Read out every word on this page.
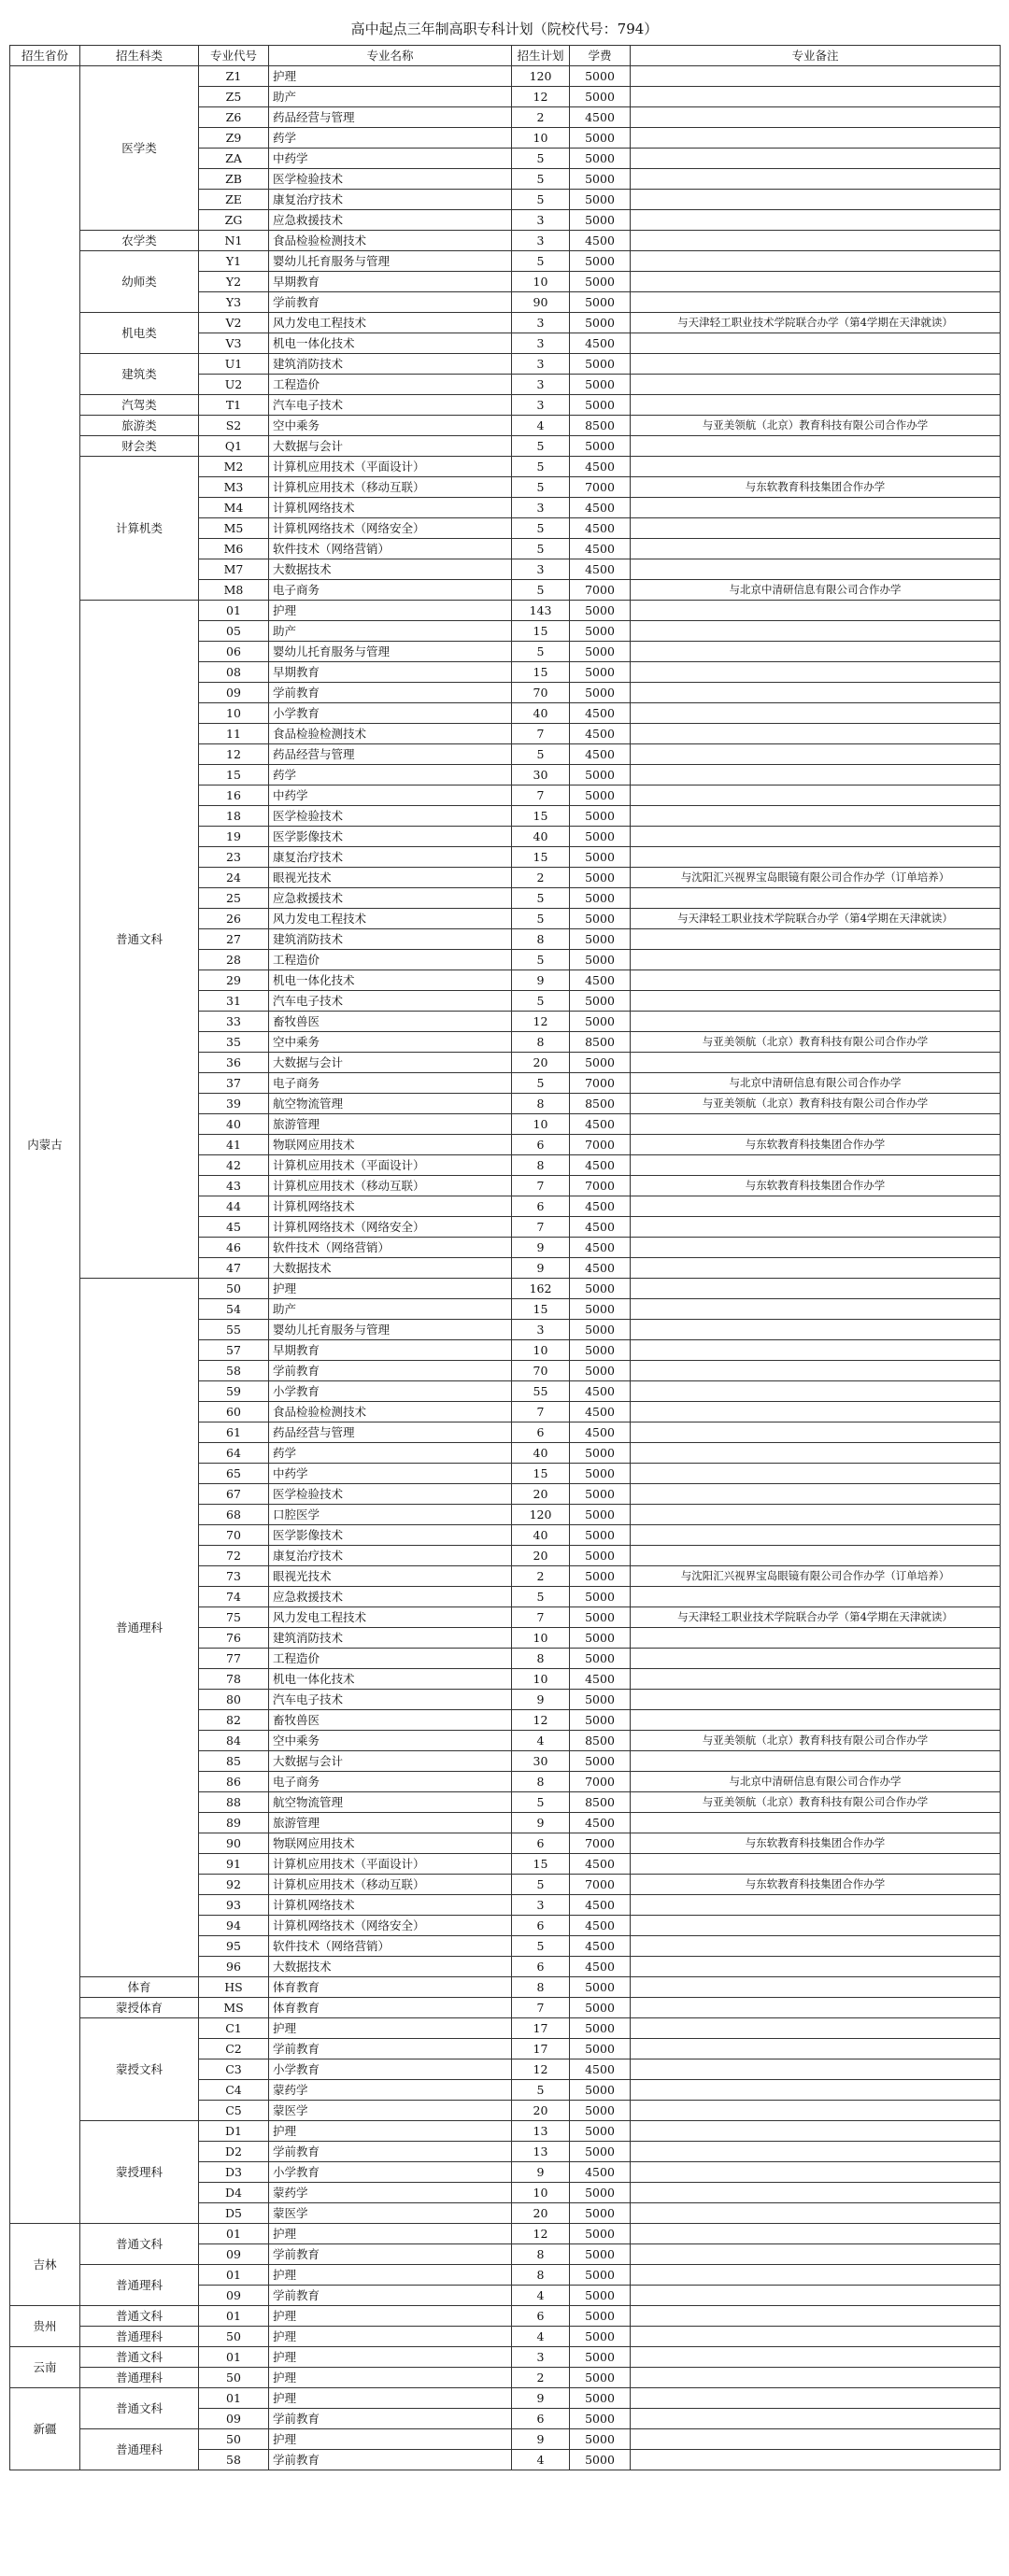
高中起点三年制高职专科计划（院校代号：794）
招生省份	招生科类	专业代号	专业名称	招生计划	学费	专业备注
内蒙古	医学类	Z1	护理	120	5000	
		Z5	助产	12	5000	
		Z6	药品经营与管理	2	4500	
		Z9	药学	10	5000	
		ZA	中药学	5	5000	
		ZB	医学检验技术	5	5000	
		ZE	康复治疗技术	5	5000	
		ZG	应急救援技术	3	5000	
	农学类	N1	食品检验检测技术	3	4500	
	幼师类	Y1	婴幼儿托育服务与管理	5	5000	
		Y2	早期教育	10	5000	
		Y3	学前教育	90	5000	
	机电类	V2	风力发电工程技术	3	5000	与天津轻工职业技术学院联合办学（第4学期在天津就读）
		V3	机电一体化技术	3	4500	
	建筑类	U1	建筑消防技术	3	5000	
		U2	工程造价	3	5000	
	汽驾类	T1	汽车电子技术	3	5000	
	旅游类	S2	空中乘务	4	8500	与亚美领航（北京）教育科技有限公司合作办学
	财会类	Q1	大数据与会计	5	5000	
	计算机类	M2	计算机应用技术（平面设计）	5	4500	
		M3	计算机应用技术（移动互联）	5	7000	与东软教育科技集团合作办学
		M4	计算机网络技术	3	4500	
		M5	计算机网络技术（网络安全）	5	4500	
		M6	软件技术（网络营销）	5	4500	
		M7	大数据技术	3	4500	
		M8	电子商务	5	7000	与北京中清研信息有限公司合作办学
	普通文科	01	护理	143	5000	
		05	助产	15	5000	
		06	婴幼儿托育服务与管理	5	5000	
		08	早期教育	15	5000	
		09	学前教育	70	5000	
		10	小学教育	40	4500	
		11	食品检验检测技术	7	4500	
		12	药品经营与管理	5	4500	
		15	药学	30	5000	
		16	中药学	7	5000	
		18	医学检验技术	15	5000	
		19	医学影像技术	40	5000	
		23	康复治疗技术	15	5000	
		24	眼视光技术	2	5000	与沈阳汇兴视界宝岛眼镜有限公司合作办学（订单培养）
		25	应急救援技术	5	5000	
		26	风力发电工程技术	5	5000	与天津轻工职业技术学院联合办学（第4学期在天津就读）
		27	建筑消防技术	8	5000	
		28	工程造价	5	5000	
		29	机电一体化技术	9	4500	
		31	汽车电子技术	5	5000	
		33	畜牧兽医	12	5000	
		35	空中乘务	8	8500	与亚美领航（北京）教育科技有限公司合作办学
		36	大数据与会计	20	5000	
		37	电子商务	5	7000	与北京中清研信息有限公司合作办学
		39	航空物流管理	8	8500	与亚美领航（北京）教育科技有限公司合作办学
		40	旅游管理	10	4500	
		41	物联网应用技术	6	7000	与东软教育科技集团合作办学
		42	计算机应用技术（平面设计）	8	4500	
		43	计算机应用技术（移动互联）	7	7000	与东软教育科技集团合作办学
		44	计算机网络技术	6	4500	
		45	计算机网络技术（网络安全）	7	4500	
		46	软件技术（网络营销）	9	4500	
		47	大数据技术	9	4500	
	普通理科	50	护理	162	5000	
		54	助产	15	5000	
		55	婴幼儿托育服务与管理	3	5000	
		57	早期教育	10	5000	
		58	学前教育	70	5000	
		59	小学教育	55	4500	
		60	食品检验检测技术	7	4500	
		61	药品经营与管理	6	4500	
		64	药学	40	5000	
		65	中药学	15	5000	
		67	医学检验技术	20	5000	
		68	口腔医学	120	5000	
		70	医学影像技术	40	5000	
		72	康复治疗技术	20	5000	
		73	眼视光技术	2	5000	与沈阳汇兴视界宝岛眼镜有限公司合作办学（订单培养）
		74	应急救援技术	5	5000	
		75	风力发电工程技术	7	5000	与天津轻工职业技术学院联合办学（第4学期在天津就读）
		76	建筑消防技术	10	5000	
		77	工程造价	8	5000	
		78	机电一体化技术	10	4500	
		80	汽车电子技术	9	5000	
		82	畜牧兽医	12	5000	
		84	空中乘务	4	8500	与亚美领航（北京）教育科技有限公司合作办学
		85	大数据与会计	30	5000	
		86	电子商务	8	7000	与北京中清研信息有限公司合作办学
		88	航空物流管理	5	8500	与亚美领航（北京）教育科技有限公司合作办学
		89	旅游管理	9	4500	
		90	物联网应用技术	6	7000	与东软教育科技集团合作办学
		91	计算机应用技术（平面设计）	15	4500	
		92	计算机应用技术（移动互联）	5	7000	与东软教育科技集团合作办学
		93	计算机网络技术	3	4500	
		94	计算机网络技术（网络安全）	6	4500	
		95	软件技术（网络营销）	5	4500	
		96	大数据技术	6	4500	
	体育	HS	体育教育	8	5000	
	蒙授体育	MS	体育教育	7	5000	
	蒙授文科	C1	护理	17	5000	
		C2	学前教育	17	5000	
		C3	小学教育	12	4500	
		C4	蒙药学	5	5000	
		C5	蒙医学	20	5000	
	蒙授理科	D1	护理	13	5000	
		D2	学前教育	13	5000	
		D3	小学教育	9	4500	
		D4	蒙药学	10	5000	
		D5	蒙医学	20	5000	
吉林	普通文科	01	护理	12	5000	
		09	学前教育	8	5000	
	普通理科	01	护理	8	5000	
		09	学前教育	4	5000	
贵州	普通文科	01	护理	6	5000	
	普通理科	50	护理	4	5000	
云南	普通文科	01	护理	3	5000	
	普通理科	50	护理	2	5000	
新疆	普通文科	01	护理	9	5000	
		09	学前教育	6	5000	
	普通理科	50	护理	9	5000	
		58	学前教育	4	5000	
